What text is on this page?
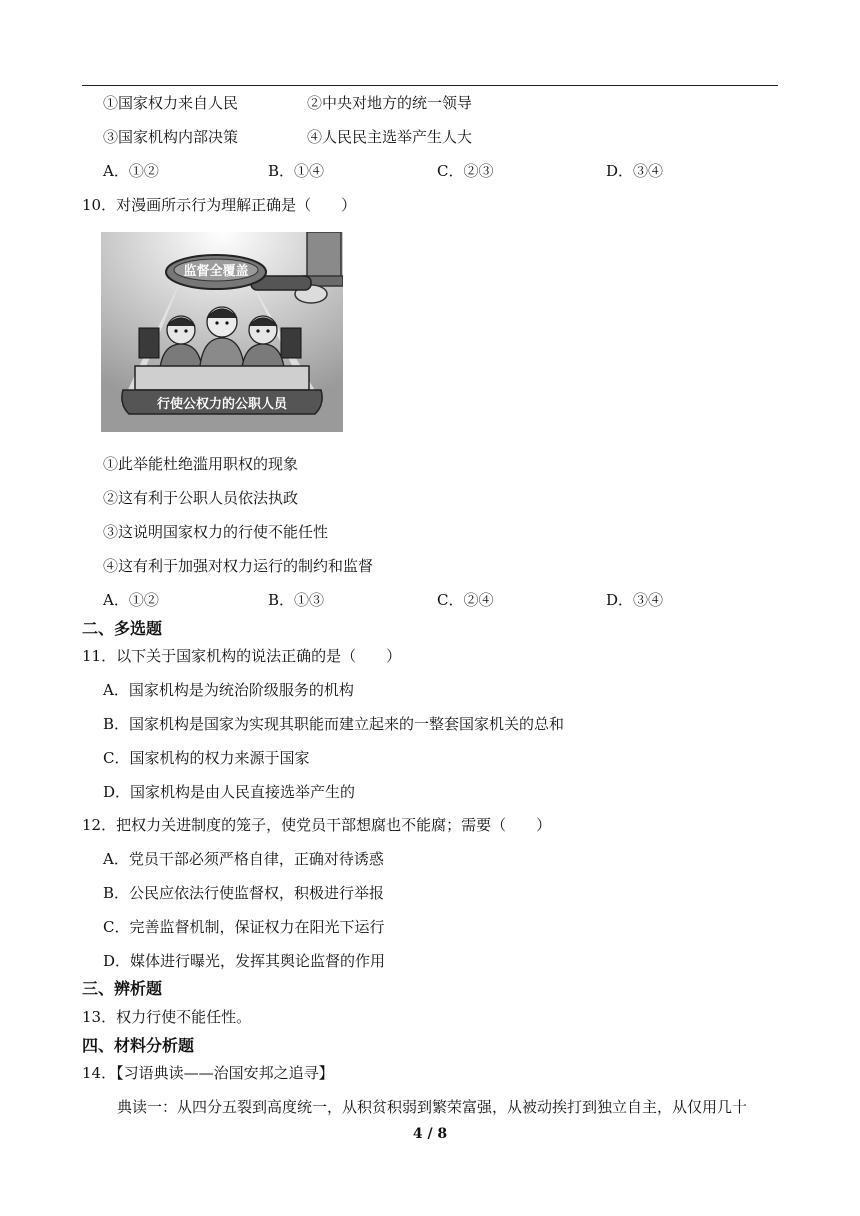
①国家权力来自人民	②中央对地方的统一领导
③国家机构内部决策	④人民民主选举产生人大
A．①②	B．①④	C．②③	D．③④
10．对漫画所示行为理解正确是（　　）
监督全覆盖
行使公权力的公职人员
①此举能杜绝滥用职权的现象
②这有利于公职人员依法执政
③这说明国家权力的行使不能任性
④这有利于加强对权力运行的制约和监督
A．①②	B．①③	C．②④	D．③④
二、多选题
11．以下关于国家机构的说法正确的是（　　）
A．国家机构是为统治阶级服务的机构
B．国家机构是国家为实现其职能而建立起来的一整套国家机关的总和
C．国家机构的权力来源于国家
D．国家机构是由人民直接选举产生的
12．把权力关进制度的笼子，使党员干部想腐也不能腐；需要（　　）
A．党员干部必须严格自律，正确对待诱惑
B．公民应依法行使监督权，积极进行举报
C．完善监督机制，保证权力在阳光下运行
D．媒体进行曝光，发挥其舆论监督的作用
三、辨析题
13．权力行使不能任性。
四、材料分析题
14．【习语典读——治国安邦之追寻】
典读一：从四分五裂到高度统一，从积贫积弱到繁荣富强，从被动挨打到独立自主，从仅用几十
4 / 8
